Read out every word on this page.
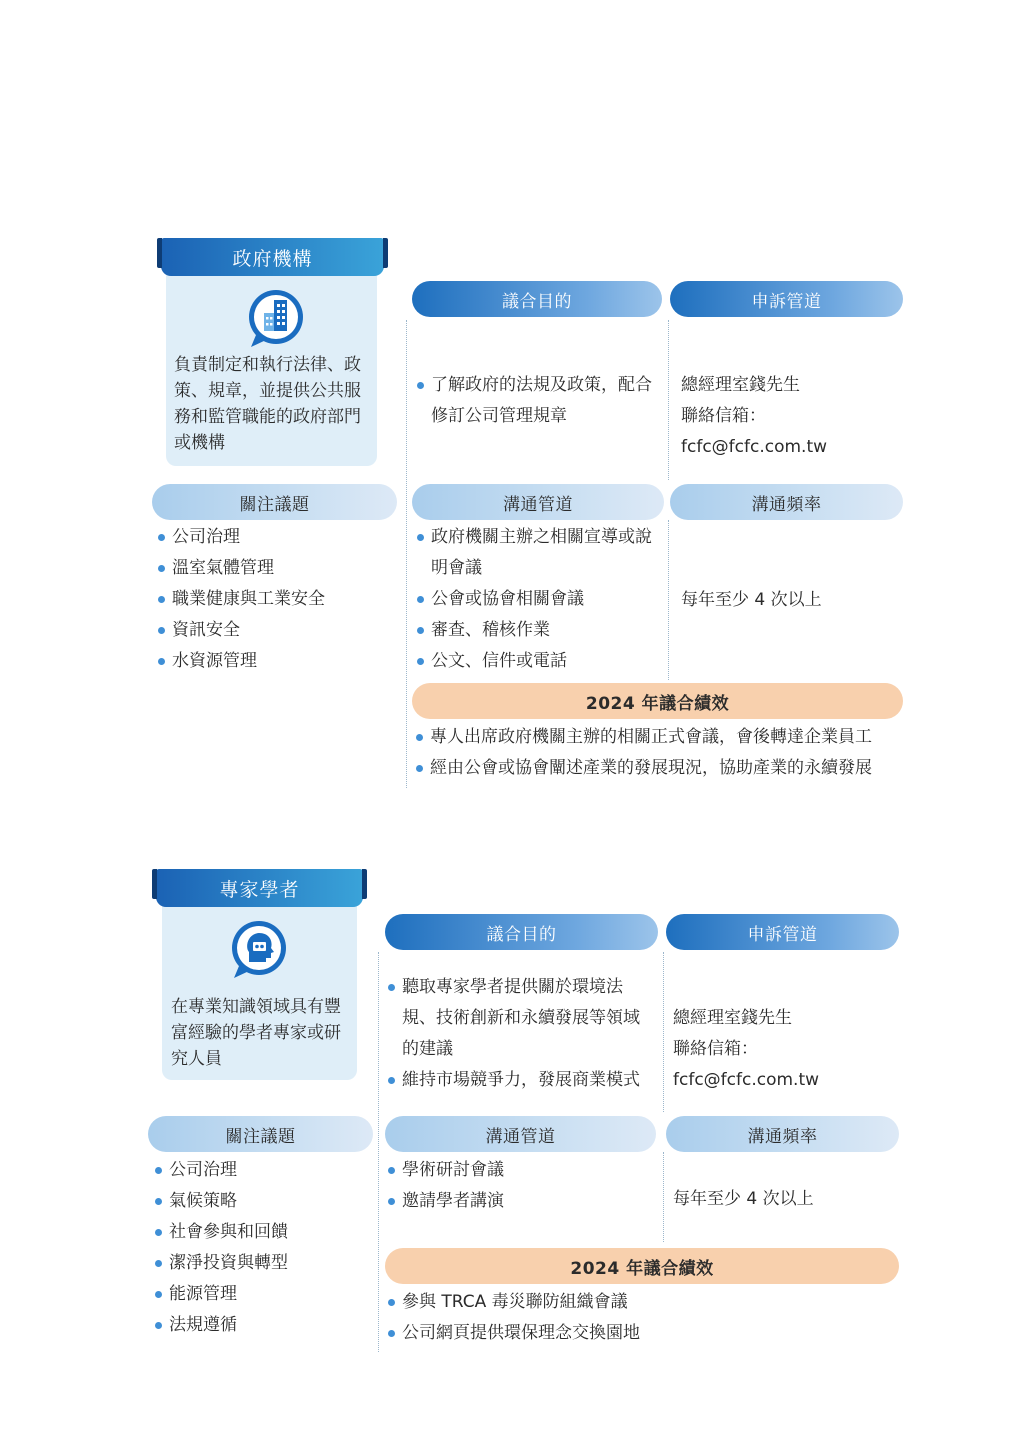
政府機構
負責制定和執行法律、政
策、規章，並提供公共服
務和監管職能的政府部門
或機構
議合目的	申訴管道
了解政府的法規及政策，配合
修訂公司管理規章
總經理室錢先生
聯絡信箱：fcfc@fcfc.com.tw
關注議題	溝通管道	溝通頻率
公司治理
溫室氣體管理
職業健康與工業安全
資訊安全
水資源管理
政府機關主辦之相關宣導或說
明會議
公會或協會相關會議
審查、稽核作業
公文、信件或電話
每年至少 4 次以上
2024 年議合績效
專人出席政府機關主辦的相關正式會議，會後轉達企業員工
經由公會或協會闡述產業的發展現況，協助產業的永續發展
專家學者
在專業知識領域具有豐
富經驗的學者專家或研
究人員
議合目的	申訴管道
聽取專家學者提供關於環境法
規、技術創新和永續發展等領域
的建議
維持市場競爭力，發展商業模式
總經理室錢先生
聯絡信箱：fcfc@fcfc.com.tw
關注議題	溝通管道	溝通頻率
公司治理
氣候策略
社會參與和回饋
潔淨投資與轉型
能源管理
法規遵循
學術研討會議
邀請學者講演	每年至少 4 次以上
2024 年議合績效
參與 TRCA 毒災聯防組織會議
公司網頁提供環保理念交換園地
